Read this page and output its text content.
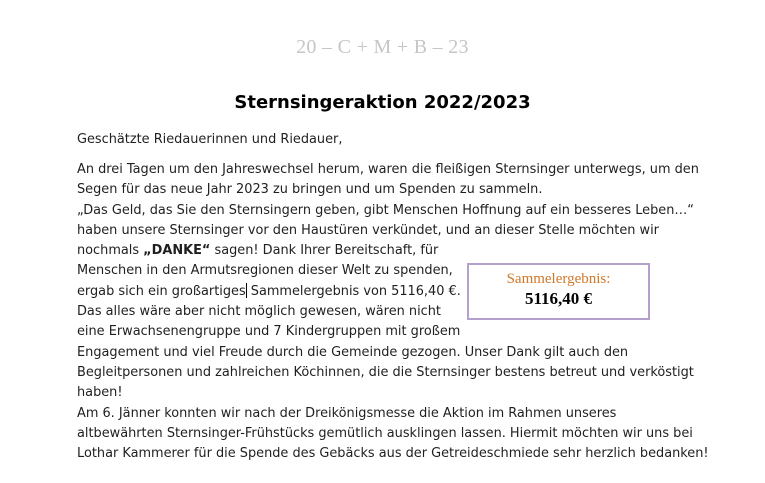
20 – C + M + B – 23
Sternsingeraktion 2022/2023
Geschätzte Riedauerinnen und Riedauer,
An drei Tagen um den Jahreswechsel herum, waren die fleißigen Sternsinger unterwegs, um den
Segen für das neue Jahr 2023 zu bringen und um Spenden zu sammeln.
„Das Geld, das Sie den Sternsingern geben, gibt Menschen Hoffnung auf ein besseres Leben…“
haben unsere Sternsinger vor den Haustüren verkündet, und an dieser Stelle möchten wir
nochmals „DANKE“ sagen! Dank Ihrer Bereitschaft, für
Menschen in den Armutsregionen dieser Welt zu spenden,
ergab sich ein großartiges Sammelergebnis von 5116,40 €.
Das alles wäre aber nicht möglich gewesen, wären nicht
eine Erwachsenengruppe und 7 Kindergruppen mit großem
Engagement und viel Freude durch die Gemeinde gezogen. Unser Dank gilt auch den
Begleitpersonen und zahlreichen Köchinnen, die die Sternsinger bestens betreut und verköstigt
haben!
Am 6. Jänner konnten wir nach der Dreikönigsmesse die Aktion im Rahmen unseres
altbewährten Sternsinger-Frühstücks gemütlich ausklingen lassen. Hiermit möchten wir uns bei
Lothar Kammerer für die Spende des Gebäcks aus der Getreideschmiede sehr herzlich bedanken!
Sammelergebnis:
5116,40 €
